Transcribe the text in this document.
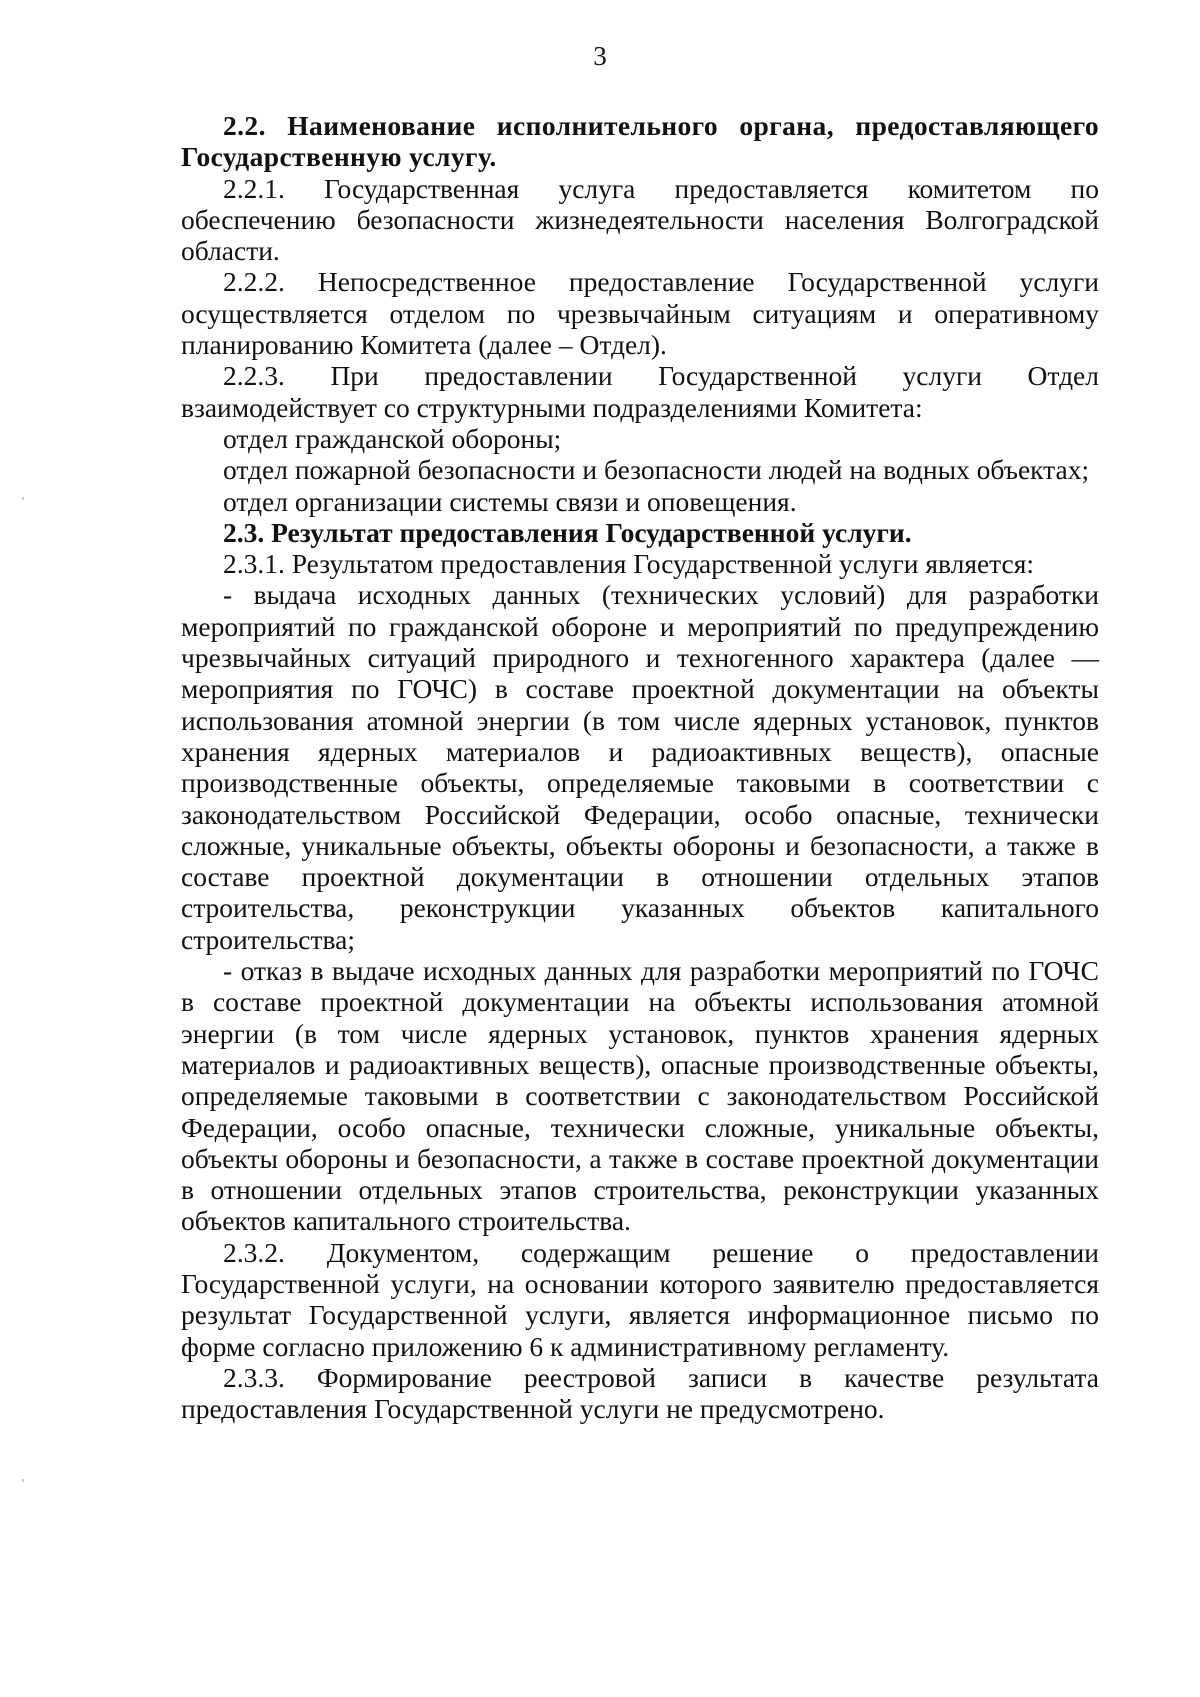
3

2.2. Наименование исполнительного органа, предоставляющего Государственную услугу.

2.2.1. Государственная услуга предоставляется комитетом по обеспечению безопасности жизнедеятельности населения Волгоградской области.

2.2.2. Непосредственное предоставление Государственной услуги осуществляется отделом по чрезвычайным ситуациям и оперативному планированию Комитета (далее – Отдел).

2.2.3. При предоставлении Государственной услуги Отдел взаимодействует со структурными подразделениями Комитета:

отдел гражданской обороны;

отдел пожарной безопасности и безопасности людей на водных объектах;

отдел организации системы связи и оповещения.

2.3. Результат предоставления Государственной услуги.

2.3.1. Результатом предоставления Государственной услуги является:

- выдача исходных данных (технических условий) для разработки мероприятий по гражданской обороне и мероприятий по предупреждению чрезвычайных ситуаций природного и техногенного характера (далее — мероприятия по ГОЧС) в составе проектной документации на объекты использования атомной энергии (в том числе ядерных установок, пунктов хранения ядерных материалов и радиоактивных веществ), опасные производственные объекты, определяемые таковыми в соответствии с законодательством Российской Федерации, особо опасные, технически сложные, уникальные объекты, объекты обороны и безопасности, а также в составе проектной документации в отношении отдельных этапов строительства, реконструкции указанных объектов капитального строительства;

- отказ в выдаче исходных данных для разработки мероприятий по ГОЧС в составе проектной документации на объекты использования атомной энергии (в том числе ядерных установок, пунктов хранения ядерных материалов и радиоактивных веществ), опасные производственные объекты, определяемые таковыми в соответствии с законодательством Российской Федерации, особо опасные, технически сложные, уникальные объекты, объекты обороны и безопасности, а также в составе проектной документации в отношении отдельных этапов строительства, реконструкции указанных объектов капитального строительства.

2.3.2. Документом, содержащим решение о предоставлении Государственной услуги, на основании которого заявителю предоставляется результат Государственной услуги, является информационное письмо по форме согласно приложению 6 к административному регламенту.

2.3.3. Формирование реестровой записи в качестве результата предоставления Государственной услуги не предусмотрено.
